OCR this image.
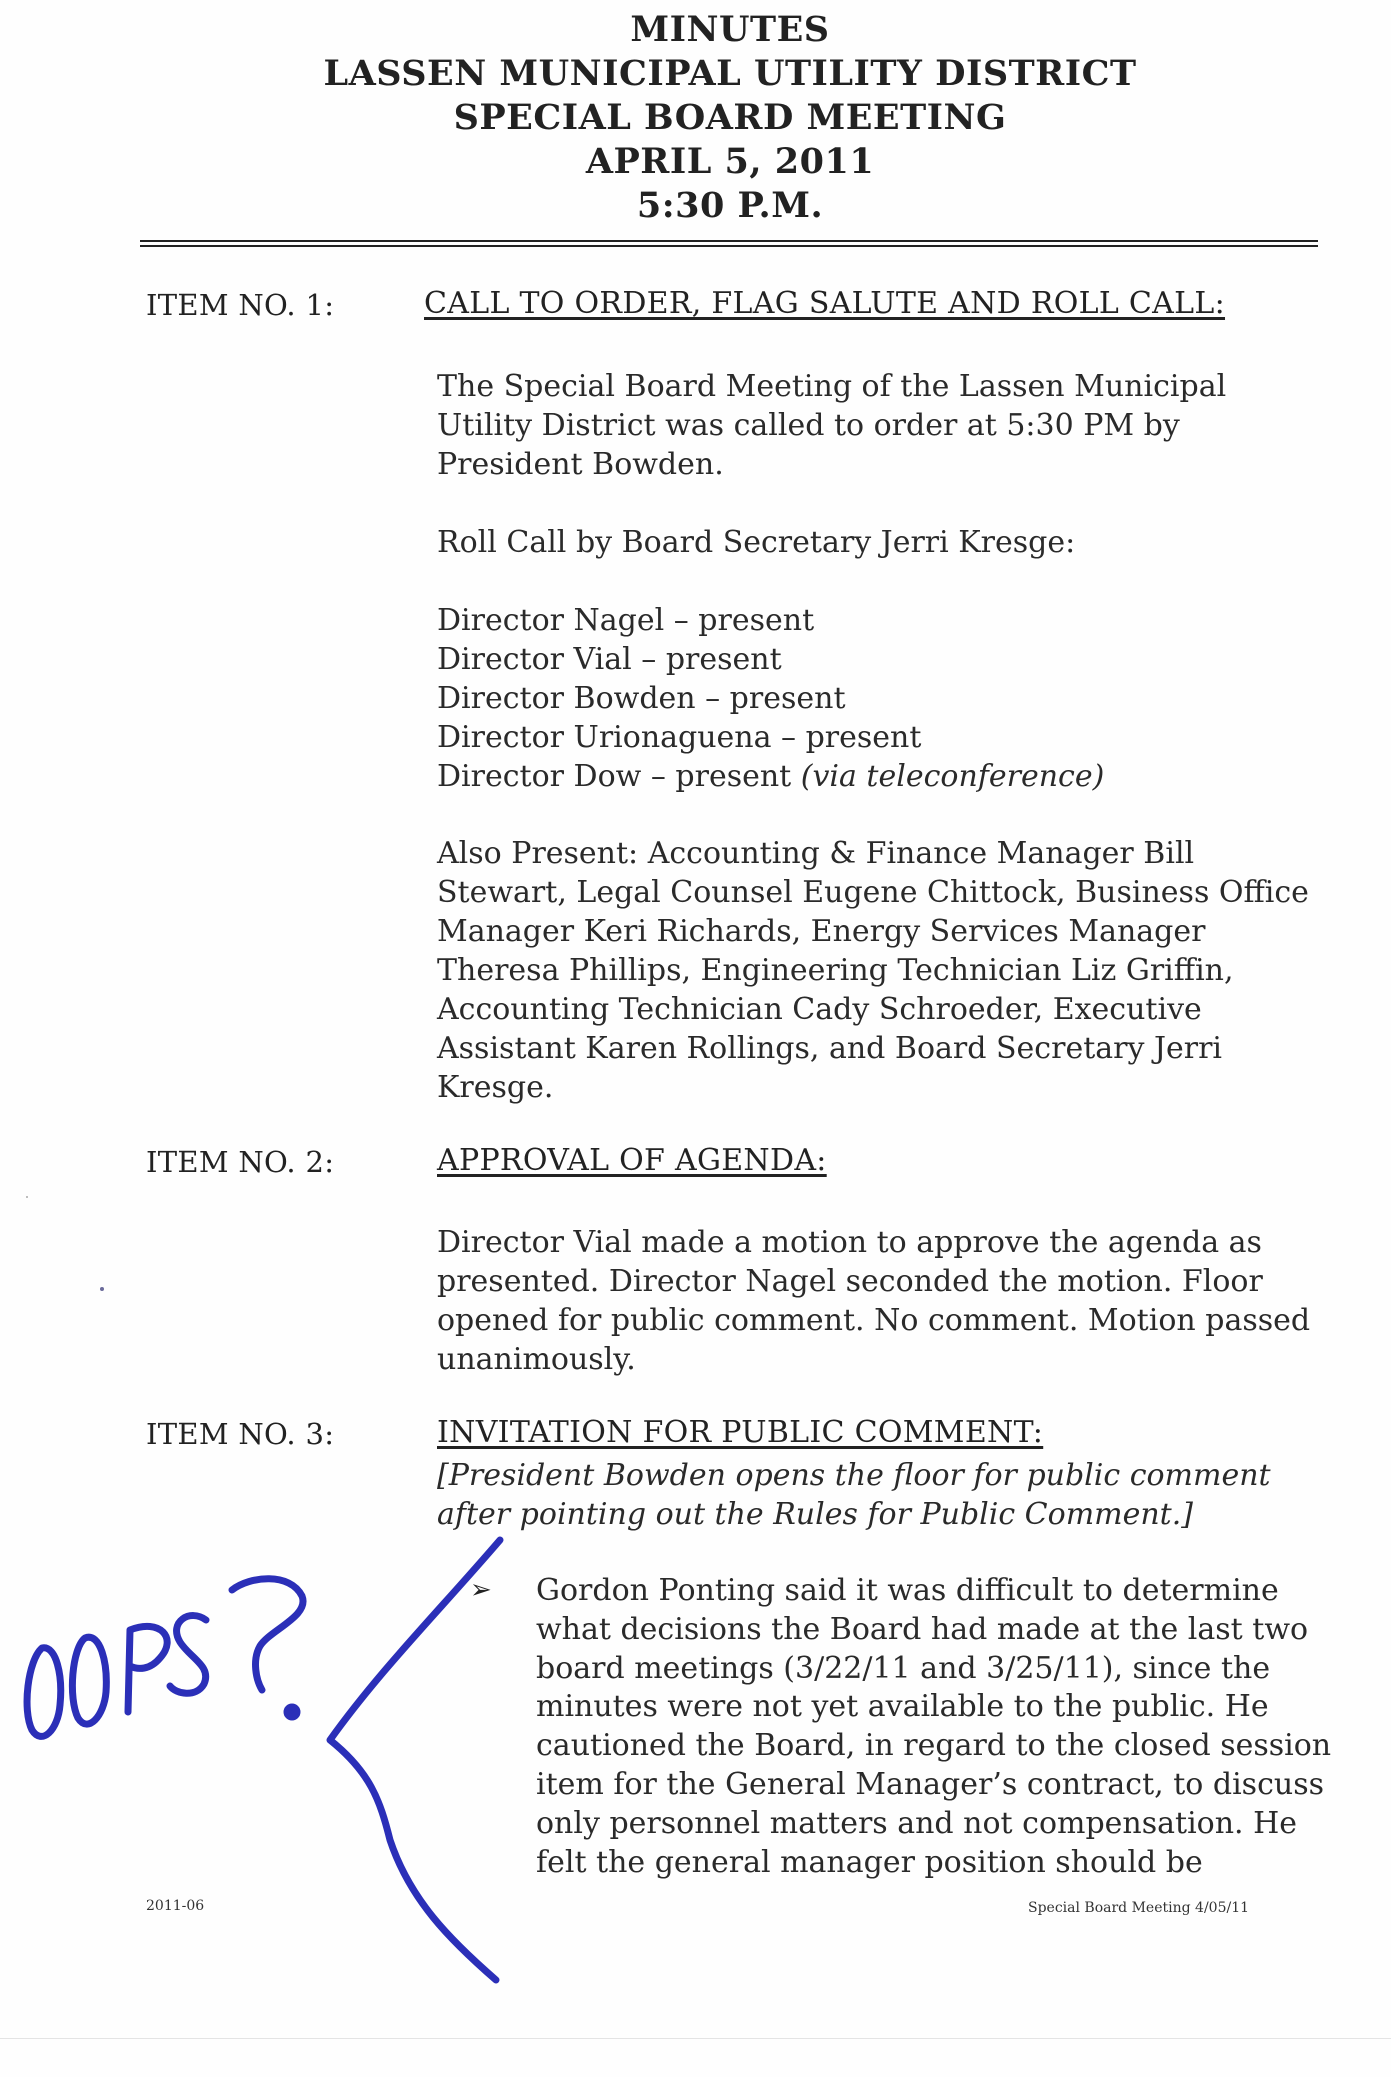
MINUTES
LASSEN MUNICIPAL UTILITY DISTRICT
SPECIAL BOARD MEETING
APRIL 5, 2011
5:30 P.M.
ITEM NO. 1:	CALL TO ORDER, FLAG SALUTE AND ROLL CALL:
The Special Board Meeting of the Lassen Municipal
Utility District was called to order at 5:30 PM by
President Bowden.
Roll Call by Board Secretary Jerri Kresge:
Director Nagel – present
Director Vial – present
Director Bowden – present
Director Urionaguena – present
Director Dow – present (via teleconference)
Also Present: Accounting & Finance Manager Bill
Stewart, Legal Counsel Eugene Chittock, Business Office
Manager Keri Richards, Energy Services Manager
Theresa Phillips, Engineering Technician Liz Griffin,
Accounting Technician Cady Schroeder, Executive
Assistant Karen Rollings, and Board Secretary Jerri
Kresge.
ITEM NO. 2:	APPROVAL OF AGENDA:
Director Vial made a motion to approve the agenda as
presented. Director Nagel seconded the motion. Floor
opened for public comment. No comment. Motion passed
unanimously.
ITEM NO. 3:	INVITATION FOR PUBLIC COMMENT:
[President Bowden opens the floor for public comment
after pointing out the Rules for Public Comment.]
➢ Gordon Ponting said it was difficult to determine
what decisions the Board had made at the last two
board meetings (3/22/11 and 3/25/11), since the
minutes were not yet available to the public. He
cautioned the Board, in regard to the closed session
item for the General Manager’s contract, to discuss
only personnel matters and not compensation. He
felt the general manager position should be
2011-06	Special Board Meeting 4/05/11
